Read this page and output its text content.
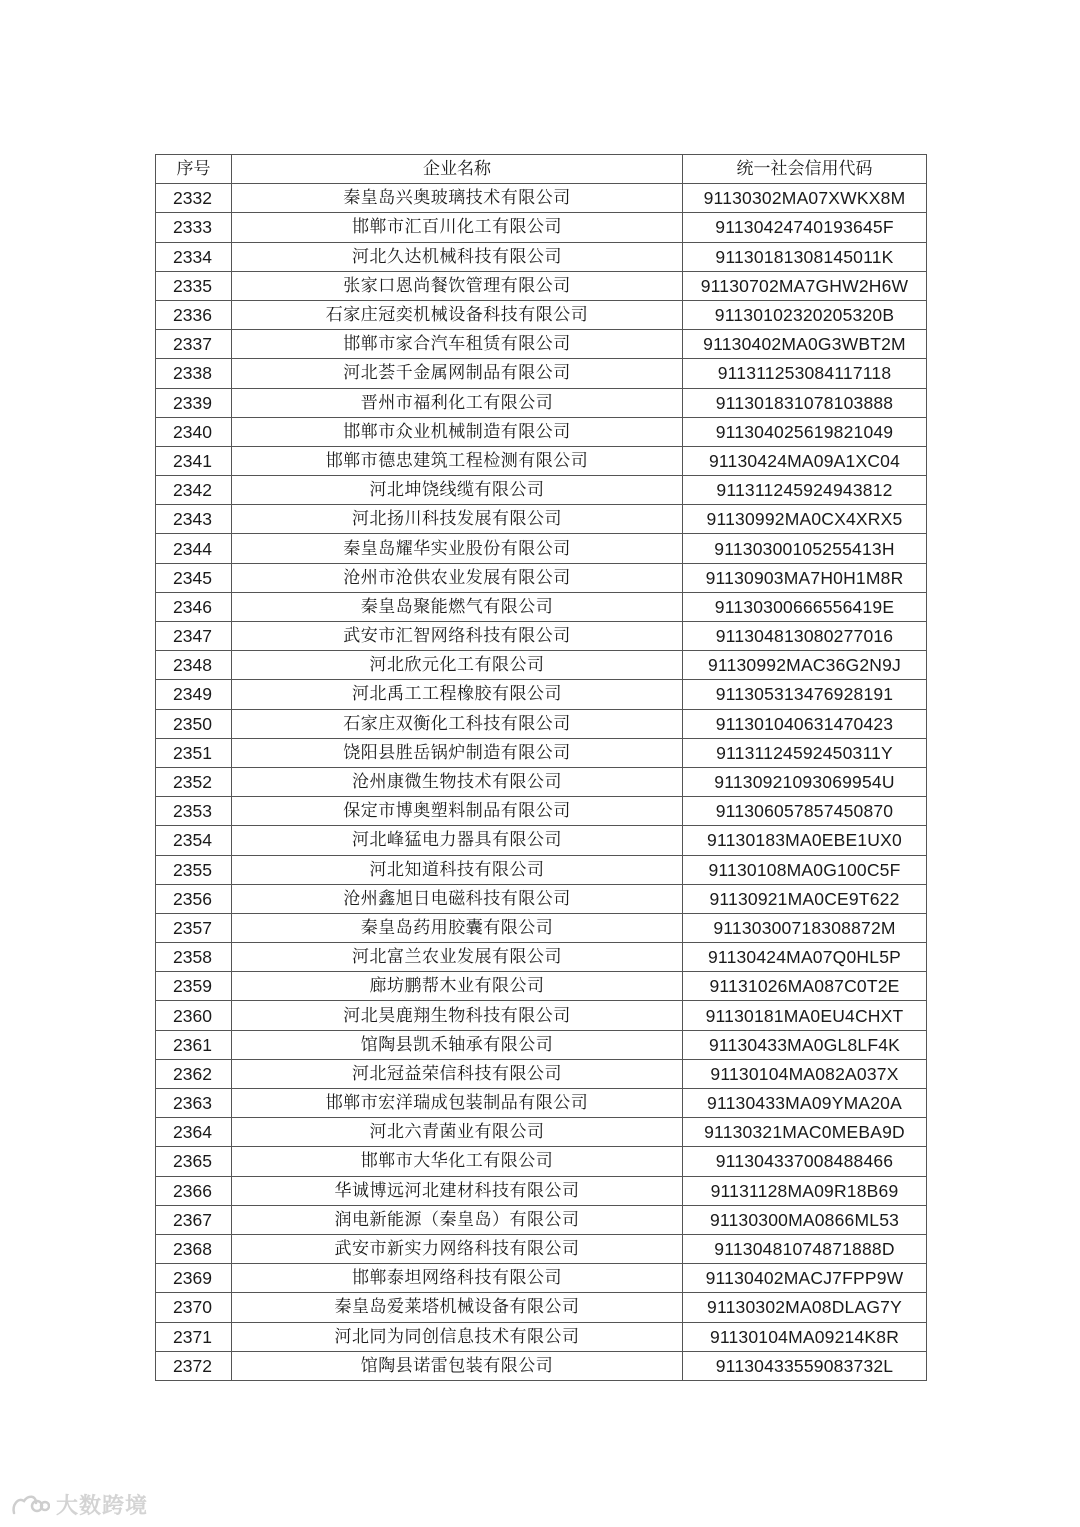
序号	企业名称	统一社会信用代码
2332	秦皇岛兴奥玻璃技术有限公司	91130302MA07XWKX8M
2333	邯郸市汇百川化工有限公司	91130424740193645F
2334	河北久达机械科技有限公司	91130181308145011K
2335	张家口恩尚餐饮管理有限公司	91130702MA7GHW2H6W
2336	石家庄冠奕机械设备科技有限公司	91130102320205320B
2337	邯郸市家合汽车租赁有限公司	91130402MA0G3WBT2M
2338	河北荟千金属网制品有限公司	911311253084117118
2339	晋州市福利化工有限公司	911301831078103888
2340	邯郸市众业机械制造有限公司	911304025619821049
2341	邯郸市德忠建筑工程检测有限公司	91130424MA09A1XC04
2342	河北坤饶线缆有限公司	911311245924943812
2343	河北扬川科技发展有限公司	91130992MA0CX4XRX5
2344	秦皇岛耀华实业股份有限公司	91130300105255413H
2345	沧州市沧供农业发展有限公司	91130903MA7H0H1M8R
2346	秦皇岛聚能燃气有限公司	91130300666556419E
2347	武安市汇智网络科技有限公司	911304813080277016
2348	河北欣元化工有限公司	91130992MAC36G2N9J
2349	河北禹工工程橡胶有限公司	911305313476928191
2350	石家庄双衡化工科技有限公司	911301040631470423
2351	饶阳县胜岳锅炉制造有限公司	91131124592450311Y
2352	沧州康微生物技术有限公司	91130921093069954U
2353	保定市博奥塑料制品有限公司	911306057857450870
2354	河北峰猛电力器具有限公司	91130183MA0EBE1UX0
2355	河北知道科技有限公司	91130108MA0G100C5F
2356	沧州鑫旭日电磁科技有限公司	91130921MA0CE9T622
2357	秦皇岛药用胶囊有限公司	91130300718308872M
2358	河北富兰农业发展有限公司	91130424MA07Q0HL5P
2359	廊坊鹏帮木业有限公司	91131026MA087C0T2E
2360	河北昊鹿翔生物科技有限公司	91130181MA0EU4CHXT
2361	馆陶县凯禾轴承有限公司	91130433MA0GL8LF4K
2362	河北冠益荣信科技有限公司	91130104MA082A037X
2363	邯郸市宏洋瑞成包装制品有限公司	91130433MA09YMA20A
2364	河北六青菌业有限公司	91130321MAC0MEBA9D
2365	邯郸市大华化工有限公司	911304337008488466
2366	华诚博远河北建材科技有限公司	91131128MA09R18B69
2367	润电新能源（秦皇岛）有限公司	91130300MA0866ML53
2368	武安市新实力网络科技有限公司	91130481074871888D
2369	邯郸泰坦网络科技有限公司	91130402MACJ7FPP9W
2370	秦皇岛爱莱塔机械设备有限公司	91130302MA08DLAG7Y
2371	河北同为同创信息技术有限公司	91130104MA09214K8R
2372	馆陶县诺雷包装有限公司	91130433559083732L
大数跨境
